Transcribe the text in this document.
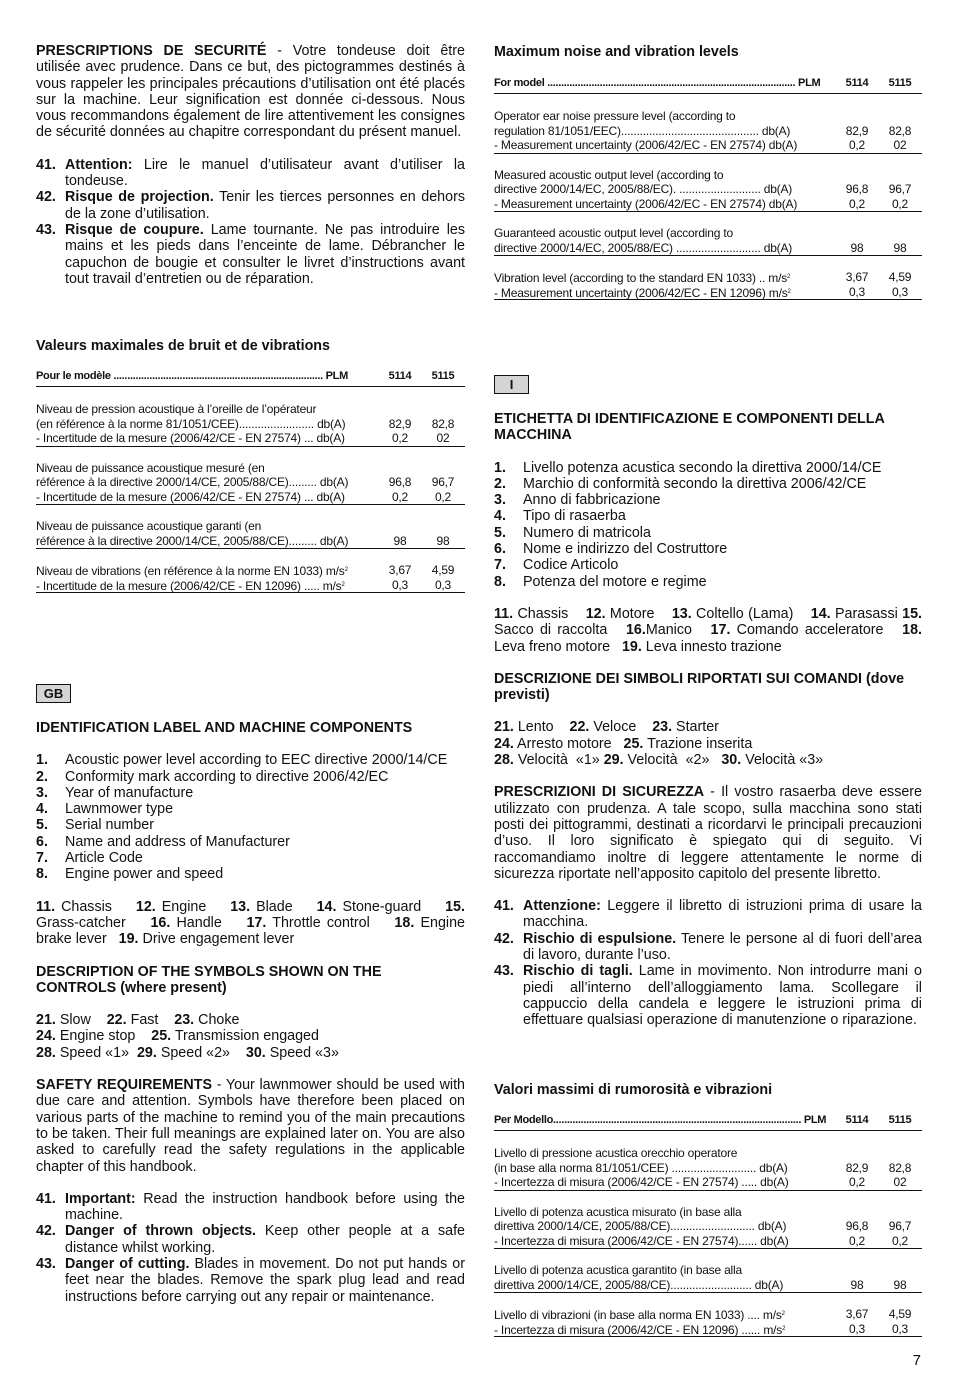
PRESCRIPTIONS DE SECURITÉ - Votre tondeuse doit être utilisée avec prudence. Dans ce but, des pictogrammes destinés à vous rappeler les principales précautions d’utilisation ont été placés sur la machine. Leur signification est donnée ci-dessous. Nous vous recommandons également de lire attentivement les consignes de sécurité données au chapitre correspondant du présent manuel.

41. Attention: Lire le manuel d’utilisateur avant d’utiliser la tondeuse.
42. Risque de projection. Tenir les tierces personnes en dehors de la zone d’utilisation.
43. Risque de coupure. Lame tournante. Ne pas introduire les mains et les pieds dans l’enceinte de lame. Débrancher le capuchon de bougie et consulter le livret d’instructions avant tout travail d’entretien ou de réparation.

Valeurs maximales de bruit et de vibrations

Pour le modèle ............................................................................ PLM	5114	5115
Niveau de pression acoustique à l’oreille de l’opérateur
(en référence à la norme 81/1051/CEE)........................ db(A)	82,9	82,8
- Incertitude de la mesure (2006/42/CE - EN 27574) ... db(A)	0,2	02
Niveau de puissance acoustique mesuré (en
référence à la directive 2000/14/CE, 2005/88/CE)......... db(A)	96,8	96,7
- Incertitude de la mesure (2006/42/CE - EN 27574) ... db(A)	0,2	0,2
Niveau de puissance acoustique garanti (en
référence à la directive 2000/14/CE, 2005/88/CE)......... db(A)	98	98
Niveau de vibrations (en référence à la norme EN 1033) $m/s^2$	3,67	4,59
- Incertitude de la mesure (2006/42/CE - EN 12096) ..... $m/s^2$	0,3	0,3
GB

IDENTIFICATION LABEL AND MACHINE COMPONENTS

1. Acoustic power level according to EEC directive 2000/14/CE
2. Conformity mark according to directive 2006/42/EC
3. Year of manufacture
4. Lawnmower type
5. Serial number
6. Name and address of Manufacturer
7. Article Code
8. Engine power and speed

11. Chassis    12. Engine    13. Blade    14. Stone-guard    15. Grass-catcher    16. Handle    17. Throttle control    18. Engine brake lever   19. Drive engagement lever

DESCRIPTION OF THE SYMBOLS SHOWN ON THE CONTROLS (where present)

21. Slow    22. Fast    23. Choke

24. Engine stop    25. Transmission engaged

28. Speed «1»  29. Speed «2»    30. Speed «3»

SAFETY REQUIREMENTS - Your lawnmower should be used with due care and attention. Symbols have therefore been placed on various parts of the machine to remind you of the main precautions to be taken. Their full meanings are explained later on. You are also asked to carefully read the safety regulations in the applicable chapter of this handbook.

41. Important: Read the instruction handbook before using the machine.
42. Danger of thrown objects. Keep other people at a safe distance whilst working.
43. Danger of cutting. Blades in movement. Do not put hands or feet near the blades. Remove the spark plug lead and read instructions before carrying out any repair or maintenance.

Maximum noise and vibration levels

For model .......................................................................................... PLM	5114	5115
Operator ear noise pressure level (according to
regulation 81/1051/EEC)............................................ db(A)	82,9	82,8
- Measurement uncertainty (2006/42/EC - EN 27574) db(A)	0,2	02
Measured acoustic output level (according to
directive 2000/14/EC, 2005/88/EC). .......................... db(A)	96,8	96,7
- Measurement uncertainty (2006/42/EC - EN 27574) db(A)	0,2	0,2
Guaranteed acoustic output level (according to
directive 2000/14/EC, 2005/88/EC) ........................... db(A)	98	98
Vibration level (according to the standard EN 1033) .. $m/s^2$	3,67	4,59
- Measurement uncertainty (2006/42/EC - EN 12096) $m/s^2$	0,3	0,3
I

ETICHETTA DI IDENTIFICAZIONE E COMPONENTI DELLA MACCHINA

1. Livello potenza acustica secondo la direttiva 2000/14/CE
2. Marchio di conformità secondo la direttiva 2006/42/CE
3. Anno di fabbricazione
4. Tipo di rasaerba
5. Numero di matricola
6. Nome e indirizzo del Costruttore
7. Codice Articolo
8. Potenza del motore e regime

11. Chassis    12. Motore    13. Coltello (Lama)    14. Parasassi 15. Sacco di raccolta   16.Manico   17. Comando acceleratore   18. Leva freno motore   19. Leva innesto trazione

DESCRIZIONE DEI SIMBOLI RIPORTATI SUI COMANDI (dove previsti)

21. Lento    22. Veloce    23. Starter

24. Arresto motore   25. Trazione inserita

28. Velocità  «1» 29. Velocità  «2»   30. Velocità «3»

PRESCRIZIONI DI SICUREZZA - Il vostro rasaerba deve essere utilizzato con prudenza. A tale scopo, sulla macchina sono stati posti dei pittogrammi, destinati a ricordarvi le principali precauzioni d’uso. Il loro significato è spiegato qui di seguito. Vi raccomandiamo inoltre di leggere attentamente le norme di sicurezza riportate nell’apposito capitolo del presente libretto.

41. Attenzione: Leggere il libretto di istruzioni prima di usare la macchina.
42. Rischio di espulsione. Tenere le persone al di fuori dell’area di lavoro, durante l’uso.
43. Rischio di tagli. Lame in movimento. Non introdurre mani o piedi all’interno dell’alloggiamento lama. Scollegare il cappuccio della candela e leggere le istruzioni prima di effettuare qualsiasi operazione di manutenzione o riparazione.

Valori massimi di rumorosità e vibrazioni

Per Modello.......................................................................................... PLM	5114	5115
Livello di pressione acustica orecchio operatore
(in base alla norma 81/1051/CEE) ........................... db(A)	82,9	82,8
- Incertezza di misura (2006/42/CE - EN 27574) ..... db(A)	0,2	02
Livello di potenza acustica misurato (in base alla
direttiva 2000/14/CE, 2005/88/CE)........................... db(A)	96,8	96,7
- Incertezza di misura (2006/42/CE - EN 27574)...... db(A)	0,2	0,2
Livello di potenza acustica garantito (in base alla
direttiva 2000/14/CE, 2005/88/CE).......................... db(A)	98	98
Livello di vibrazioni (in base alla norma EN 1033) .... $m/s^2$	3,67	4,59
- Incertezza di misura (2006/42/CE - EN 12096) ...... $m/s^2$	0,3	0,3
7
